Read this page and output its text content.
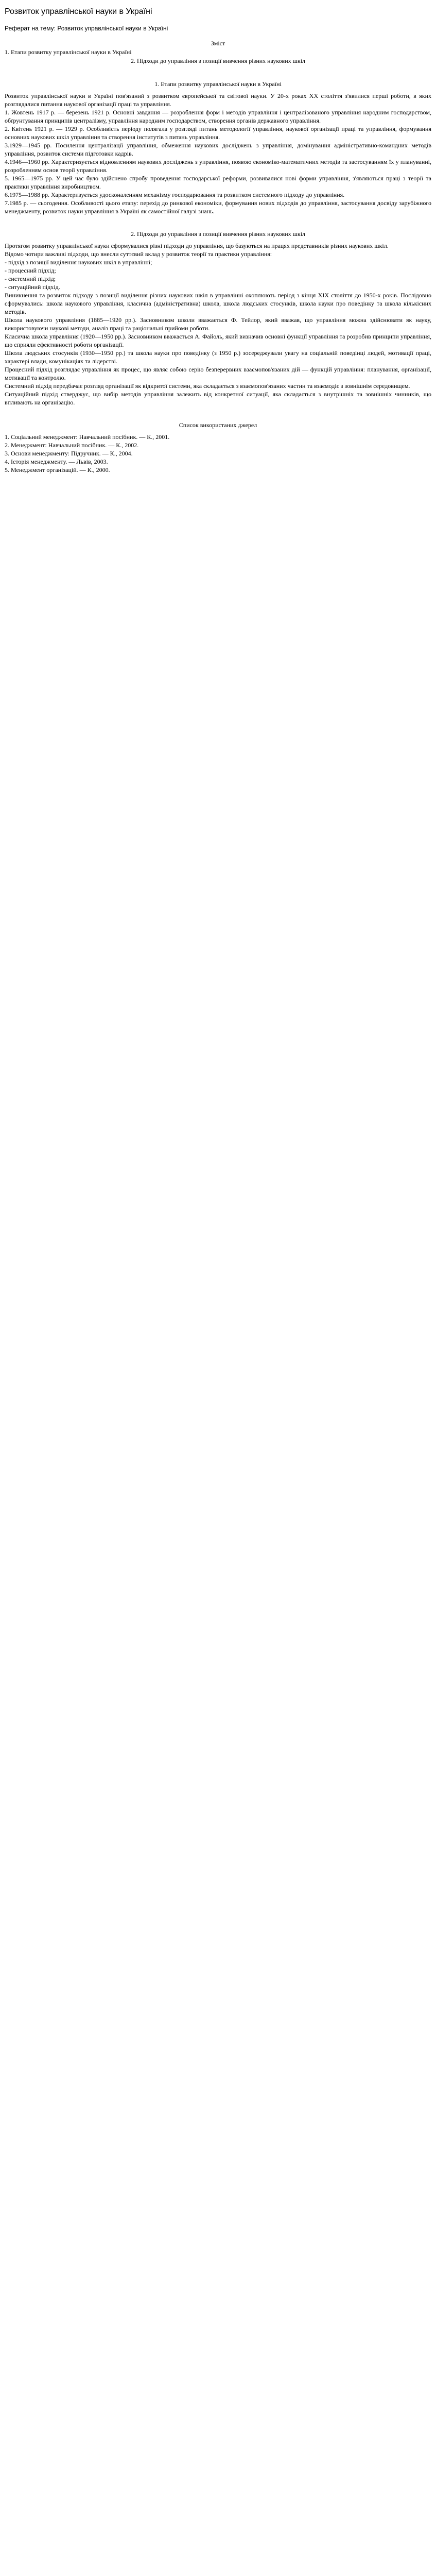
Розвиток управлінської науки в Україні
Реферат на тему: Розвиток управлінської науки в Україні
Зміст
1. Етапи розвитку управлінської науки в Україні
2. Підходи до управління з позиції вивчення різних наукових шкіл
1. Етапи розвитку управлінської науки в Україні

Розвиток управлінської науки в Україні пов'язаний з розвитком європейської та світової науки. У 20-х роках ХХ століття з'явилися перші роботи, в яких розглядалися питання наукової організації праці та управління.

1. Жовтень 1917 р. — березень 1921 р. Основні завдання — розроблення форм і методів управління і централізованого управління народним господарством, обґрунтування принципів централізму, управління народним господарством, створення органів державного управління.

2. Квітень 1921 р. — 1929 р. Особливість періоду полягала у розгляді питань методології управління, наукової організації праці та управління, формування основних наукових шкіл управління та створення інститутів з питань управління.

3.1929—1945 рр. Посилення централізації управління, обмеження наукових досліджень з управління, домінування адміністративно-командних методів управління, розвиток системи підготовки кадрів.

4.1946—1960 рр. Характеризується відновленням наукових досліджень з управління, появою економіко-математичних методів та застосуванням їх у плануванні, розробленням основ теорії управління.

5. 1965—1975 рр. У цей час було здійснено спробу проведення господарської реформи, розвивалися нові форми управління, з'являються праці з теорії та практики управління виробництвом.

6.1975—1988 рр. Характеризується удосконаленням механізму господарювання та розвитком системного підходу до управління.

7.1985 р. — сьогодення. Особливості цього етапу: перехід до ринкової економіки, формування нових підходів до управління, застосування досвіду зарубіжного менеджменту, розвиток науки управління в Україні як самостійної галузі знань.

2. Підходи до управління з позиції вивчення різних наукових шкіл

Протягом розвитку управлінської науки сформувалися різні підходи до управління, що базуються на працях представників різних наукових шкіл.

Відомо чотири важливі підходи, що внесли суттєвий вклад у розвиток теорії та практики управління:

- підхід з позиції виділення наукових шкіл в управлінні;

- процесний підхід;

- системний підхід;

- ситуаційний підхід.

Виникнення та розвиток підходу з позиції виділення різних наукових шкіл в управлінні охоплюють період з кінця ХІХ століття до 1950-х років. Послідовно сформувались: школа наукового управління, класична (адміністративна) школа, школа людських стосунків, школа науки про поведінку та школа кількісних методів.

Школа наукового управління (1885—1920 рр.). Засновником школи вважається Ф. Тейлор, який вважав, що управління можна здійснювати як науку, використовуючи наукові методи, аналіз праці та раціональні прийоми роботи.

Класична школа управління (1920—1950 рр.). Засновником вважається А. Файоль, який визначив основні функції управління та розробив принципи управління, що сприяли ефективності роботи організації.

Школа людських стосунків (1930—1950 рр.) та школа науки про поведінку (з 1950 р.) зосереджували увагу на соціальній поведінці людей, мотивації праці, характері влади, комунікаціях та лідерстві.

Процесний підхід розглядає управління як процес, що являє собою серію безперервних взаємопов'язаних дій — функцій управління: планування, організації, мотивації та контролю.

Системний підхід передбачає розгляд організації як відкритої системи, яка складається з взаємопов'язаних частин та взаємодіє з зовнішнім середовищем.

Ситуаційний підхід стверджує, що вибір методів управління залежить від конкретної ситуації, яка складається з внутрішніх та зовнішніх чинників, що впливають на організацію.

Список використаних джерел

1. Соціальний менеджмент: Навчальний посібник. — К., 2001.

2. Менеджмент: Навчальний посібник. — К., 2002.

3. Основи менеджменту: Підручник. — К., 2004.

4. Історія менеджменту. — Львів, 2003.

5. Менеджмент організацій. — К., 2000.
